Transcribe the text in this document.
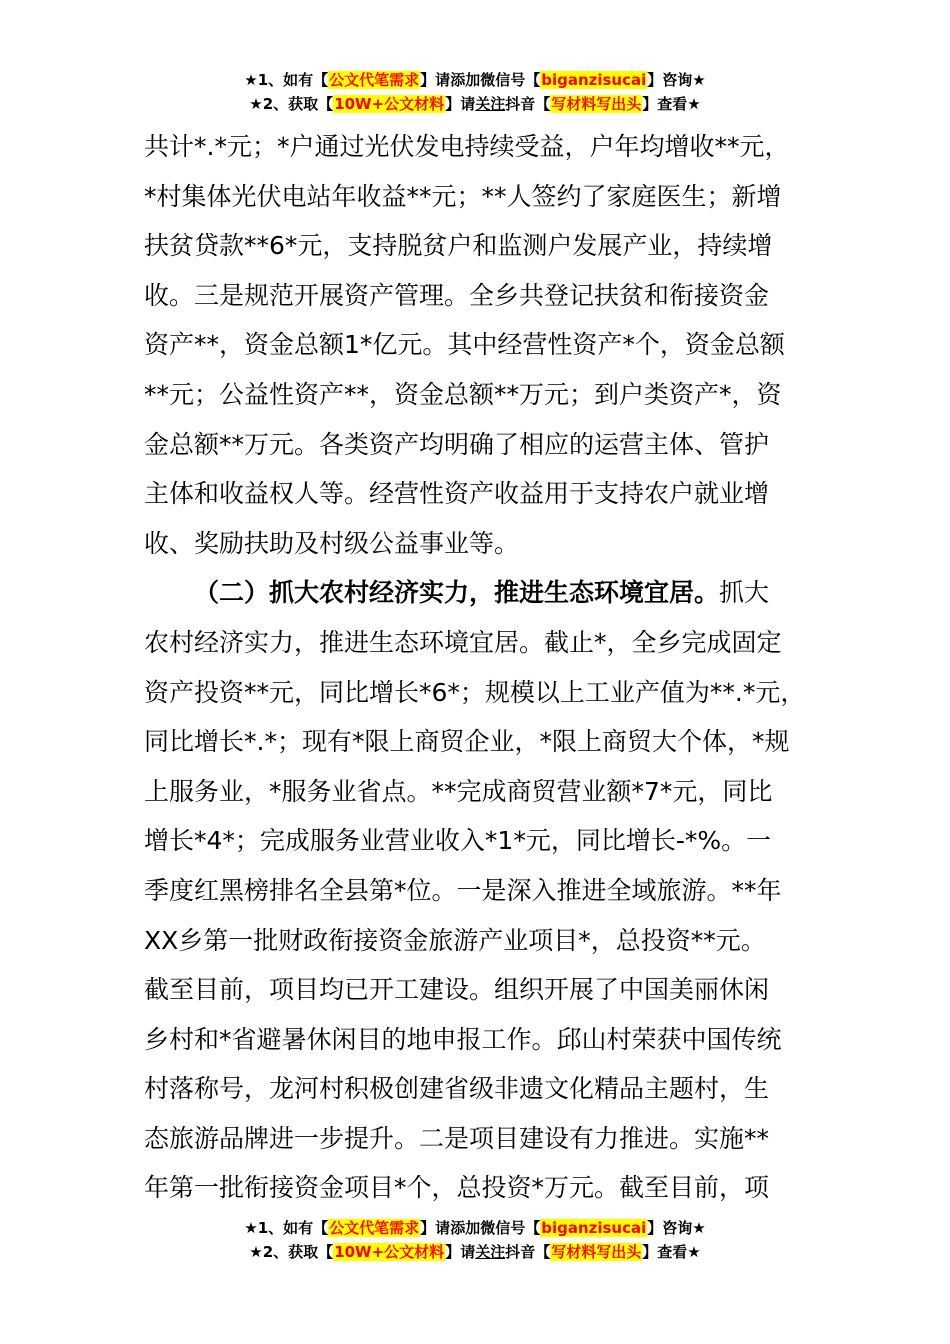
★1、如有【公文代笔需求】请添加微信号【biganzisucai】咨询★
★2、获取【10W+公文材料】请关注抖音【写材料写出头】查看★
共计*.*元；*户通过光伏发电持续受益，户年均增收**元，
*村集体光伏电站年收益**元；**人签约了家庭医生；新增
扶贫贷款**6*元，支持脱贫户和监测户发展产业，持续增
收。三是规范开展资产管理。全乡共登记扶贫和衔接资金
资产**，资金总额1*亿元。其中经营性资产*个，资金总额
**元；公益性资产**，资金总额**万元；到户类资产*，资
金总额**万元。各类资产均明确了相应的运营主体、管护
主体和收益权人等。经营性资产收益用于支持农户就业增
收、奖励扶助及村级公益事业等。
（二）抓大农村经济实力，推进生态环境宜居。抓大
农村经济实力，推进生态环境宜居。截止*，全乡完成固定
资产投资**元，同比增长*6*；规模以上工业产值为**.*元，
同比增长*.*；现有*限上商贸企业，*限上商贸大个体，*规
上服务业，*服务业省点。**完成商贸营业额*7*元，同比
增长*4*；完成服务业营业收入*1*元，同比增长-*%。一
季度红黑榜排名全县第*位。一是深入推进全域旅游。**年
XX乡第一批财政衔接资金旅游产业项目*，总投资**元。
截至目前，项目均已开工建设。组织开展了中国美丽休闲
乡村和*省避暑休闲目的地申报工作。邱山村荣获中国传统
村落称号，龙河村积极创建省级非遗文化精品主题村，生
态旅游品牌进一步提升。二是项目建设有力推进。实施**
年第一批衔接资金项目*个，总投资*万元。截至目前，项
★1、如有【公文代笔需求】请添加微信号【biganzisucai】咨询★
★2、获取【10W+公文材料】请关注抖音【写材料写出头】查看★
